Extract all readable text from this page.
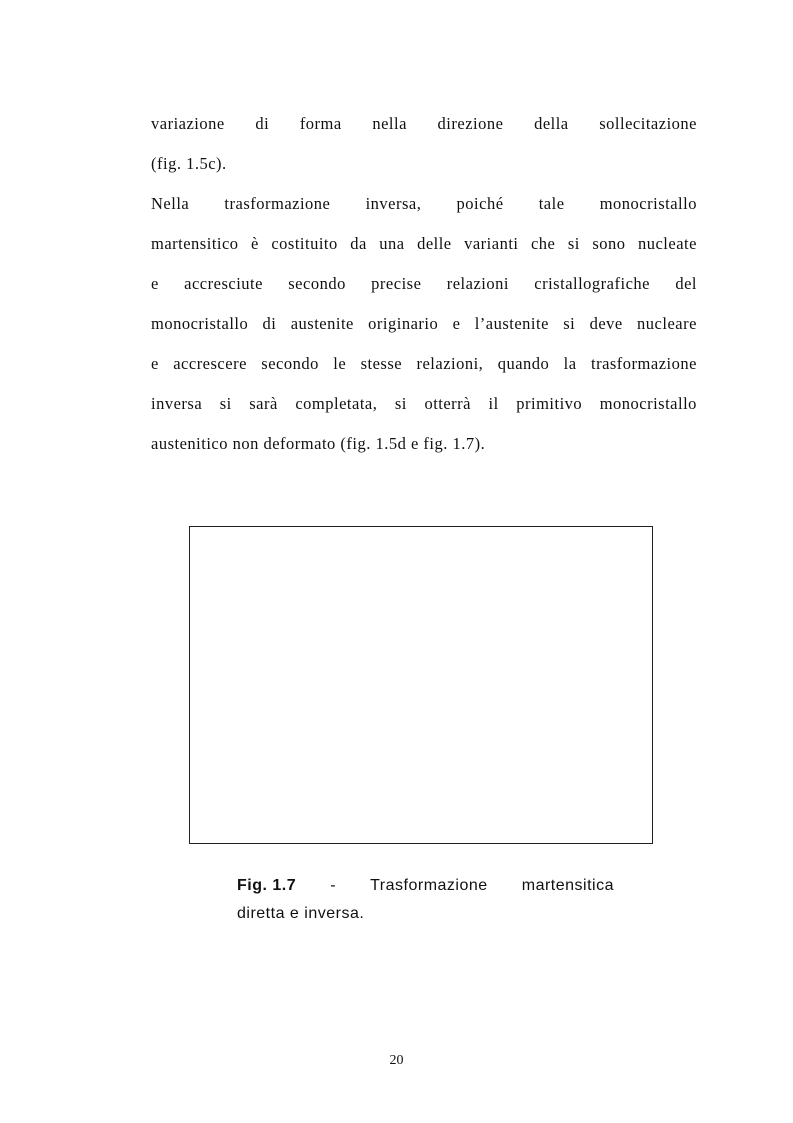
variazione di forma nella direzione della sollecitazione
(fig. 1.5c).
Nella trasformazione inversa, poiché tale monocristallo
martensitico è costituito da una delle varianti che si sono nucleate
e accresciute secondo precise relazioni cristallografiche del
monocristallo di austenite originario e l’austenite si deve nucleare
e accrescere secondo le stesse relazioni, quando la trasformazione
inversa si sarà completata, si otterrà il primitivo monocristallo
austenitico non deformato (fig. 1.5d e fig. 1.7).
Fig. 1.7 - Trasformazione martensitica
diretta e inversa.
20
